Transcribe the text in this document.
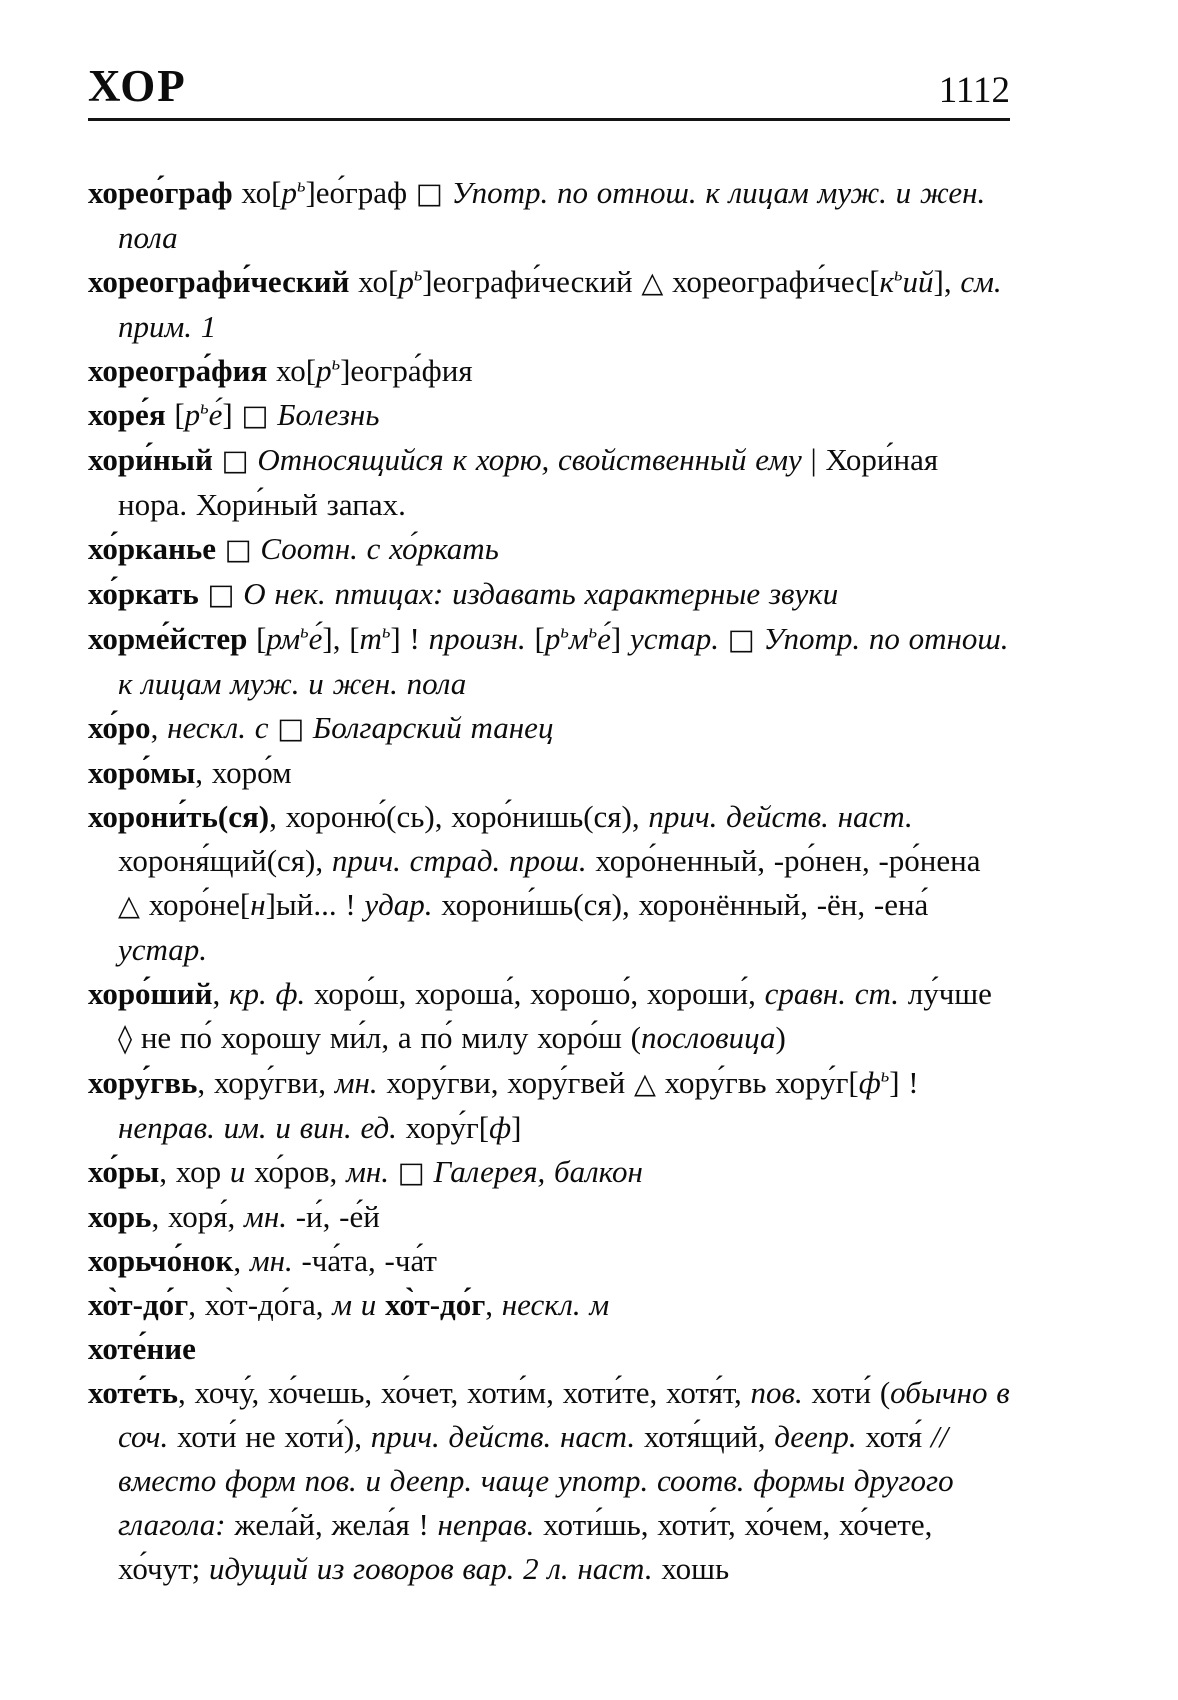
ХОР	1112

хорео́граф $хо[р^ь]ео́граф$ □ Употр. по отнош. к лицам муж. и жен. пола

хореографи́ческий $хо[р^ь]еографи́ческий$ △ $хореографи́чес[к^ьий]$, см. прим. 1

хореогра́фия $хо[р^ь]еогра́фия$

хоре́я $[р^ье́]$ □ Болезнь

хори́ный □ Относящийся к хорю, свойственный ему | Хори́ная нора. Хори́ный запах.

хо́рканье □ Соотн. с хо́ркать

хо́ркать □ О нек. птицах: издавать характерные звуки

хорме́йстер $[рм^ье́]$, $[т^ь]$ ! произн. $[р^ьм^ье́]$ устар. □ Употр. по отнош. к лицам муж. и жен. пола

хо́ро, нескл. с □ Болгарский танец

хоро́мы, хоро́м

хорони́ть(ся), хороню́(сь), хоро́нишь(ся), прич. действ. наст. хороня́щий(ся), прич. страд. прош. хоро́ненный, -ро́нен, -ро́нена △ хоро́не[н]ый... ! удар. хорони́шь(ся), хоронённый, -ён, -ена́ устар.

хоро́ший, кр. ф. хоро́ш, хороша́, хорошо́, хороши́, сравн. ст. лу́чше ◊ не по́ хорошу ми́л, а по́ милу хоро́ш (пословица)

хору́гвь, хору́гви, мн. хору́гви, хору́гвей △ хору́гвь $хору́г[ф^ь]$ ! неправ. им. и вин. ед. хору́г[ф]

хо́ры, хор и хо́ров, мн. □ Галерея, балкон

хорь, хоря́, мн. -и́, -е́й

хорьчо́нок, мн. -ча́та, -ча́т

хо̀т-до́г, хо̀т-до́га, м и хо̀т-до́г, нескл. м

хоте́ние

хоте́ть, хочу́, хо́чешь, хо́чет, хоти́м, хоти́те, хотя́т, пов. хоти́ (обычно в соч. хоти́ не хоти́), прич. действ. наст. хотя́щий, деепр. хотя́ // вместо форм пов. и деепр. чаще употр. соотв. формы другого глагола: жела́й, жела́я ! неправ. хоти́шь, хоти́т, хо́чем, хо́чете, хо́чут; идущий из говоров вар. 2 л. наст. хошь
